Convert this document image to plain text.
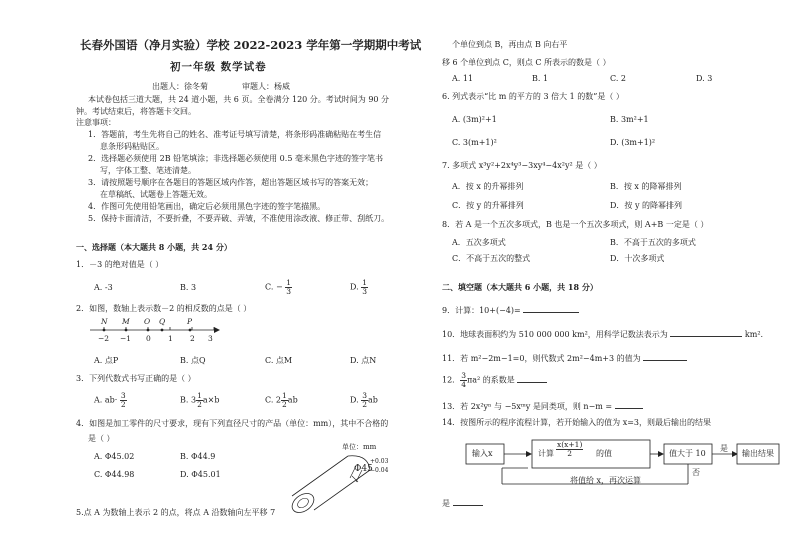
长春外国语（净月实验）学校 2022-2023 学年第一学期期中考试
初一年级 数学试卷
出题人：徐冬菊	审题人：杨威
本试卷包括三道大题，共 24 道小题，共 6 页。全卷满分 120 分。考试时间为 90 分
钟。考试结束后，将答题卡交回。
注意事项：
1．答题前，考生先将自己的姓名、准考证号填写清楚，将条形码准确粘贴在考生信
息条形码粘贴区。
2．选择题必须使用 2B 铅笔填涂；非选择题必须使用 0.5 毫米黑色字迹的签字笔书
写，字体工整、笔迹清楚。
3．请按照题号顺序在各题目的答题区域内作答，超出答题区域书写的答案无效；
在草稿纸、试题卷上答题无效。
4．作图可先使用铅笔画出，确定后必须用黑色字迹的签字笔描黑。
5．保持卡面清洁，不要折叠，不要弄破、弄皱，不准使用涂改液、修正带、刮纸刀。
一、选择题（本大题共 8 小题，共 24 分）
1．－3 的绝对值是（ ）
A. -3	B. 3	C. − $\frac{1}{3}$	D. $\frac{1}{3}$
2．如图，数轴上表示数－2 的相反数的点是（ ）
−2 −1 0 1 2 3
N M O Q	P
A. 点P	B. 点Q	C. 点M	D. 点N
3．下列代数式书写正确的是（ ）
A. $ab\cdot \frac{3}{2}$	B. $3 \frac{1}{2} a\times b$	C. $2 \frac{1}{2}$ ab	D. $\frac{3}{2}$ ab
4．如图是加工零件的尺寸要求，现有下列直径尺寸的产品（单位：mm），其中不合格的
是（ ）
A. Φ45.02	B. Φ44.9
C. Φ44.98	D. Φ45.01
单位：mm
Φ45
+0.03
−0.04
5.点 A 为数轴上表示 2 的点，将点 A 沿数轴向左平移 7
个单位到点 B，再由点 B 向右平
移 6 个单位到点 C，则点 C 所表示的数是（ ）
A. 11	B. 1	C. 2	D. 3
6. 列式表示“比 m 的平方的 3 倍大 1 的数”是（ ）
A. (3m)²+1	B. 3m²+1
C. 3(m+1)²	D. (3m+1)²
7. 多项式 x³y²+2x⁴y³−3xy⁴−4x²y² 是（ ）
A．按 x 的升幂排列	B．按 x 的降幂排列
C．按 y 的升幂排列	D．按 y 的降幂排列
8．若 A 是一个五次多项式，B 也是一个五次多项式，则 A+B 一定是（ ）
A．五次多项式	B．不高于五次的多项式
C．不高于五次的整式	D．十次多项式
二、填空题（本大题共 6 小题，共 18 分）
9．计算：10+(−4)=
10．地球表面积约为 510 000 000 km²，用科学记数法表示为	km².
11．若 m²−2m−1=0，则代数式 2m²−4m+3 的值为
12． $\frac{3}{4} \pi a^2$ 的系数是
13．若 2x²yⁿ 与 −5xᵐy 是同类项，则 n−m =
14．按图所示的程序流程计算，若开始输入的值为 x=3，则最后输出的结果
输入x	计算 $\frac{x(x+1)}{2}$ 的值	值大于 10
是
输出结果
否
将值给 x，再次运算
是
